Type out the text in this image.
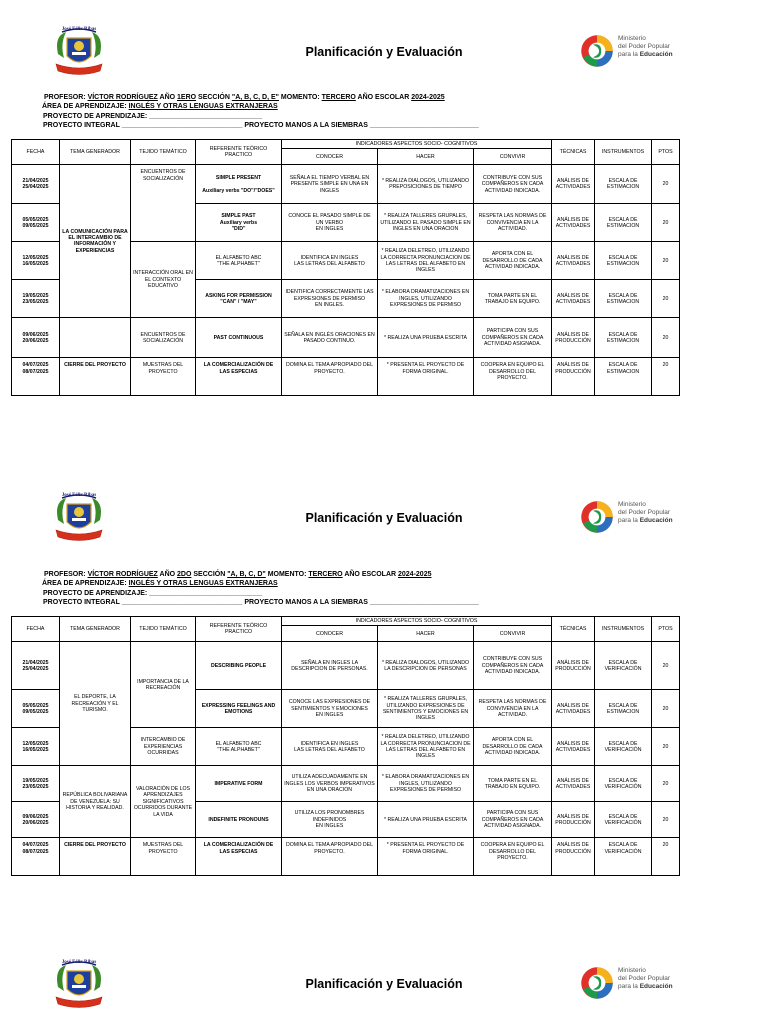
José Félix Ribas
Planificación y Evaluación
Ministerio
del Poder Popular
para la Educación
PROFESOR: VÍCTOR RODRÍGUEZ AÑO 1ERO SECCIÓN "A, B, C, D, E" MOMENTO: TERCERO AÑO ESCOLAR 2024-2025
ÁREA DE APRENDIZAJE: INGLÉS Y OTRAS LENGUAS EXTRANJERAS
PROYECTO DE APRENDIZAJE: _____________________________
PROYECTO INTEGRAL _______________________________ PROYECTO MANOS A LA SIEMBRAS ____________________________
FECHA	TEMA GENERADOR	TEJIDO TEMÁTICO	REFERENTE TEÓRICO PRACTICO	INDICADORES ASPECTOS SOCIO- COGNITIVOS			TÉCNICAS	INSTRUMENTOS	PTOS
				CONOCER	HACER	CONVIVIR			
21/04/2025
25/04/2025	LA COMUNICACIÓN PARA EL INTERCAMBIO DE INFORMACIÓN Y EXPERIENCIAS	ENCUENTROS DE SOCIALIZACIÓN	SIMPLE PRESENT

Auxiliary verbs "DO"/"DOES"	SEÑALA EL TIEMPO VERBAL EN PRESENTE SIMPLE EN UNA EN INGLES	* REALIZA DIALOGOS, UTILIZANDO PREPOSICIONES DE TIEMPO	CONTRIBUYE CON SUS COMPAÑEROS EN CADA ACTIVIDAD INDICADA.	ANÁLISIS DE ACTIVIDADES	ESCALA DE ESTIMACION	20
05/05/2025
09/05/2025			SIMPLE PAST
Auxiliary verbs
"DID"	CONOCE EL PASADO SIMPLE DE UN VERBO
EN INGLES	* REALIZA TALLERES GRUPALES, UTILIZANDO EL PASADO SIMPLE EN INGLES EN UNA ORACION	RESPETA LAS NORMAS DE CONVIVENCIA EN LA ACTIVIDAD.	ANÁLISIS DE ACTIVIDADES	ESCALA DE ESTIMACION	20
12/05/2025
16/05/2025		INTERACCIÓN ORAL EN EL CONTEXTO EDUCATIVO	EL ALFABETO ABC
"THE ALPHABET"	IDENTIFICA EN INGLES
LAS LETRAS DEL ALFABETO	* REALIZA DELETREO, UTILIZANDO LA CORRECTA PRONUNCIACION DE LAS LETRAS DEL ALFABETO EN INGLES	APORTA CON EL DESARROLLO DE CADA ACTIVIDAD INDICADA.	ANÁLISIS DE ACTIVIDADES	ESCALA DE ESTIMACION	20
19/05/2025
23/05/2025			ASKING FOR PERMISSION
"CAN" / "MAY"	IDENTIFICA CORRECTAMENTE LAS EXPRESIONES DE PERMISO
EN INGLES.	* ELABORA DRAMATIZACIONES EN INGLES, UTILIZANDO EXPRESIONES DE PERMISO	TOMA PARTE EN EL TRABAJO EN EQUIPO.	ANÁLISIS DE ACTIVIDADES	ESCALA DE ESTIMACION	20
09/06/2025
20/06/2025		ENCUENTROS DE SOCIALIZACIÓN	PAST CONTINUOUS	SEÑALA EN INGLÉS ORACIONES EN PASADO CONTINUO.	* REALIZA UNA PRUEBA ESCRITA	PARTICIPA CON SUS COMPAÑEROS EN CADA ACTIVIDAD ASIGNADA.	ANÁLISIS DE PRODUCCIÓN	ESCALA DE ESTIMACION	20
04/07/2025
08/07/2025	CIERRE DEL PROYECTO	MUESTRAS DEL PROYECTO	LA COMERCIALIZACIÓN DE LAS ESPECIAS	DOMINA EL TEMA APROPIADO DEL PROYECTO.	* PRESENTA EL PROYECTO DE FORMA ORIGINAL.	COOPERA EN EQUIPO EL DESARROLLO DEL PROYECTO.	ANÁLISIS DE PRODUCCIÓN	ESCALA DE ESTIMACION	20
José Félix Ribas
Planificación y Evaluación
Ministerio
del Poder Popular
para la Educación
PROFESOR: VÍCTOR RODRÍGUEZ AÑO 2DO SECCIÓN "A, B, C, D" MOMENTO: TERCERO AÑO ESCOLAR 2024-2025
ÁREA DE APRENDIZAJE: INGLÉS Y OTRAS LENGUAS EXTRANJERAS
PROYECTO DE APRENDIZAJE: _____________________________
PROYECTO INTEGRAL _______________________________ PROYECTO MANOS A LA SIEMBRAS ____________________________
FECHA	TEMA GENERADOR	TEJIDO TEMÁTICO	REFERENTE TEÓRICO PRACTICO	INDICADORES ASPECTOS SOCIO- COGNITIVOS			TÉCNICAS	INSTRUMENTOS	PTOS
				CONOCER	HACER	CONVIVIR			
21/04/2025
25/04/2025	EL DEPORTE, LA RECREACIÓN Y EL TURISMO.	IMPORTANCIA DE LA RECREACIÓN	DESCRIBING PEOPLE	SEÑALA EN INGLES LA DESCRIPCION DE PERSONAS.	* REALIZA DIALOGOS, UTILIZANDO LA DESCRIPCION DE PERSONAS	CONTRIBUYE CON SUS COMPAÑEROS EN CADA ACTIVIDAD INDICADA.	ANÁLISIS DE PRODUCCIÓN	ESCALA DE VERIFICACIÓN	20
05/05/2025
09/05/2025			EXPRESSING FEELINGS AND EMOTIONS	CONOCE LAS EXPRESIONES DE SENTIMIENTOS Y EMOCIONES
EN INGLES	* REALIZA TALLERES GRUPALES, UTILIZANDO EXPRESIONES DE SENTIMIENTOS Y EMOCIONES EN INGLES	RESPETA LAS NORMAS DE CONVIVENCIA EN LA ACTIVIDAD.	ANÁLISIS DE ACTIVIDADES	ESCALA DE ESTIMACION	20
12/05/2025
16/05/2025		INTERCAMBIO DE EXPERIENCIAS OCURRIDAS	EL ALFABETO ABC
"THE ALPHABET"	IDENTIFICA EN INGLES
LAS LETRAS DEL ALFABETO	* REALIZA DELETREO, UTILIZANDO LA CORRECTA PRONUNCIACION DE LAS LETRAS DEL ALFABETO EN INGLES	APORTA CON EL DESARROLLO DE CADA ACTIVIDAD INDICADA.	ANÁLISIS DE ACTIVIDADES	ESCALA DE VERIFICACIÓN	20
19/05/2025
23/05/2025	REPÚBLICA BOLIVARIANA DE VENEZUELA: SU HISTORIA Y REALIDAD.	VALORACIÓN DE LOS APRENDIZAJES SIGNIFICATIVOS OCURRIDOS DURANTE LA VIDA	IMPERATIVE FORM	UTILIZA ADECUADAMENTE EN INGLES LOS VERBOS IMPERATIVOS EN UNA ORACION	* ELABORA DRAMATIZACIONES EN INGLES, UTILIZANDO EXPRESIONES DE PERMISO	TOMA PARTE EN EL TRABAJO EN EQUIPO.	ANÁLISIS DE ACTIVIDADES	ESCALA DE VERIFICACIÓN	20
09/06/2025
20/06/2025			INDEFINITE PRONOUNS	UTILIZA LOS PRONOMBRES INDEFINIDOS
EN INGLES	* REALIZA UNA PRUEBA ESCRITA	PARTICIPA CON SUS COMPAÑEROS EN CADA ACTIVIDAD ASIGNADA.	ANÁLISIS DE PRODUCCIÓN	ESCALA DE VERIFICACIÓN	20
04/07/2025
08/07/2025	CIERRE DEL PROYECTO	MUESTRAS DEL PROYECTO	LA COMERCIALIZACIÓN DE LAS ESPECIAS	DOMINA EL TEMA APROPIADO DEL PROYECTO.	* PRESENTA EL PROYECTO DE FORMA ORIGINAL.	COOPERA EN EQUIPO EL DESARROLLO DEL PROYECTO.	ANÁLISIS DE PRODUCCIÓN	ESCALA DE VERIFICACIÓN	20
José Félix Ribas
Planificación y Evaluación
Ministerio
del Poder Popular
para la Educación
